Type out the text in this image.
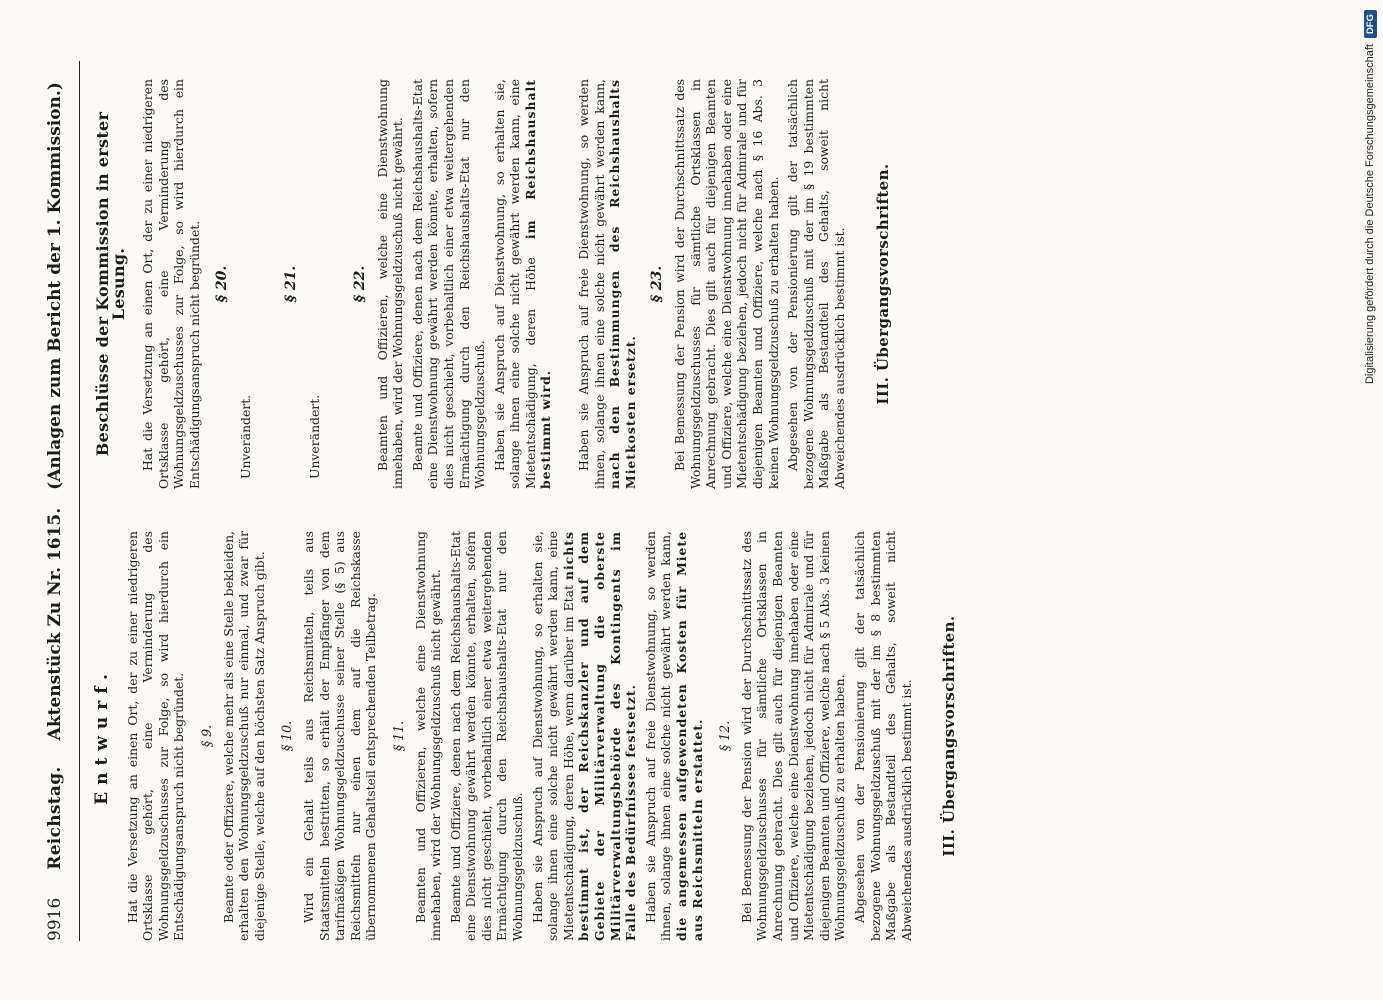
9916
Reichstag.
Aktenstück Zu Nr. 1615.
(Anlagen zum Bericht der 1. Kommission.)
Entwurf. Hat die Versetzung an einen Ort, der zu einer niedrigeren Ortsklasse gehört, eine Verminderung des Wohnungsgeldzuschusses zur Folge, so wird hierdurch ein Entschädigungsanspruch nicht begründet. § 9. Beamte oder Offiziere, welche mehr als eine Stelle bekleiden, erhalten den Wohnungsgeldzuschuß nur einmal, und zwar für diejenige Stelle, welche auf den höchsten Satz Anspruch gibt. § 10. Wird ein Gehalt teils aus Reichsmitteln, teils aus Staatsmitteln bestritten, so erhält der Empfänger von dem tarifmäßigen Wohnungsgeldzuschusse seiner Stelle (§ 5) aus Reichsmitteln nur einen dem auf die Reichskasse übernommenen Gehaltsteil entsprechenden Teilbetrag. § 11. Beamten und Offizieren, welche eine Dienstwohnung innehaben, wird der Wohnungsgeldzuschuß nicht gewährt. Beamte und Offiziere, denen nach dem Reichshaushalts-Etat eine Dienstwohnung gewährt werden könnte, erhalten, sofern dies nicht geschieht, vorbehaltlich einer etwa weitergehenden Ermächtigung durch den Reichshaushalts-Etat nur den Wohnungsgeldzuschuß. Haben sie Anspruch auf Dienstwohnung, so erhalten sie, solange ihnen eine solche nicht gewährt werden kann, eine Mietentschädigung, deren Höhe, wenn darüber im Etat nichts bestimmt ist, der Reichskanzler und auf dem Gebiete der Militärverwaltung die oberste Militärverwaltungsbehörde des Kontingents im Falle des Bedürfnisses festsetzt. Haben sie Anspruch auf freie Dienstwohnung, so werden ihnen, solange ihnen eine solche nicht gewährt werden kann, die angemessen aufgewendeten Kosten für Miete aus Reichsmitteln erstattet. § 12. Bei Bemessung der Pension wird der Durchschnittssatz des Wohnungsgeldzuschusses für sämtliche Ortsklassen in Anrechnung gebracht. Dies gilt auch für diejenigen Beamten und Offiziere, welche eine Dienstwohnung innehaben oder eine Mietentschädigung beziehen, jedoch nicht für Admirale und für diejenigen Beamten und Offiziere, welche nach § 5 Abs. 3 keinen Wohnungsgeldzuschuß zu erhalten haben. Abgesehen von der Pensionierung gilt der tatsächlich bezogene Wohnungsgeldzuschuß mit der im § 8 bestimmten Maßgabe als Bestandteil des Gehalts, soweit nicht Abweichendes ausdrücklich bestimmt ist. III. Übergangsvorschriften.
Beschlüsse der Kommission in erster Lesung. Hat die Versetzung an einen Ort, der zu einer niedrigeren Ortsklasse gehört, eine Verminderung des Wohnungsgeldzuschusses zur Folge, so wird hierdurch ein Entschädigungsanspruch nicht begründet. § 20.
Unverändert.
§ 21.
Unverändert.
§ 22. Beamten und Offizieren, welche eine Dienstwohnung innehaben, wird der Wohnungsgeldzuschuß nicht gewährt. Beamte und Offiziere, denen nach dem Reichshaushalts-Etat eine Dienstwohnung gewährt werden könnte, erhalten, sofern dies nicht geschieht, vorbehaltlich einer etwa weitergehenden Ermächtigung durch den Reichshaushalts-Etat nur den Wohnungsgeldzuschuß. Haben sie Anspruch auf Dienstwohnung, so erhalten sie, solange ihnen eine solche nicht gewährt werden kann, eine Mietentschädigung, deren Höhe im Reichshaushalt bestimmt wird. Haben sie Anspruch auf freie Dienstwohnung, so werden ihnen, solange ihnen eine solche nicht gewährt werden kann, nach den Bestimmungen des Reichshaushalts Mietkosten ersetzt.

§ 23. Bei Bemessung der Pension wird der Durchschnittssatz des Wohnungsgeldzuschusses für sämtliche Ortsklassen in Anrechnung gebracht. Dies gilt auch für diejenigen Beamten und Offiziere, welche eine Dienstwohnung innehaben oder eine Mietentschädigung beziehen, jedoch nicht für Admirale und für diejenigen Beamten und Offiziere, welche nach § 16 Abs. 3 keinen Wohnungsgeldzuschuß zu erhalten haben. Abgesehen von der Pensionierung gilt der tatsächlich bezogene Wohnungsgeldzuschuß mit der im § 19 bestimmten Maßgabe als Bestandteil des Gehalts, soweit nicht Abweichendes ausdrücklich bestimmt ist. III. Übergangsvorschriften.	Digitalisierung gefördert durch die Deutsche Forschungsgemeinschaft
DFG
